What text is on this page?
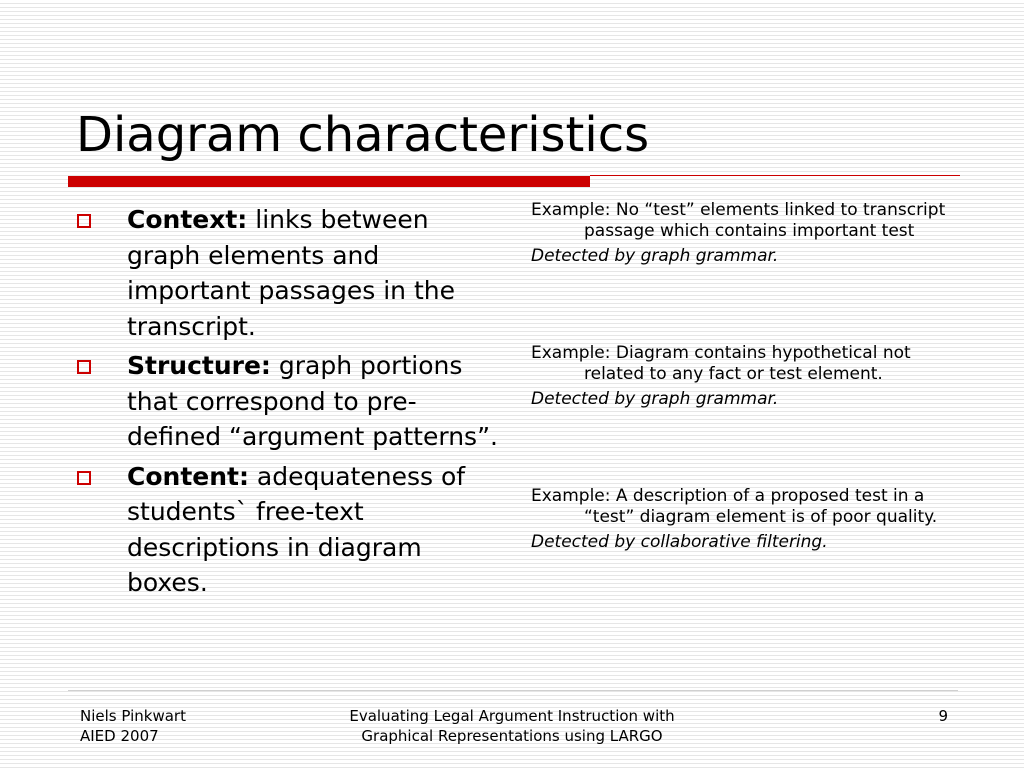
Diagram characteristics
Context: links between graph elements and important passages in the transcript.
Structure: graph portions that correspond to pre-defined “argument patterns”.
Content: adequateness of students` free-text descriptions in diagram boxes.
Example: No “test” elements linked to transcript passage which contains important test
Detected by graph grammar.
Example: Diagram contains hypothetical not related to any fact or test element.
Detected by graph grammar.
Example: A description of a proposed test in a “test” diagram element is of poor quality.
Detected by collaborative filtering.
Niels Pinkwart
AIED 2007
Evaluating Legal Argument Instruction with
Graphical Representations using LARGO
9
